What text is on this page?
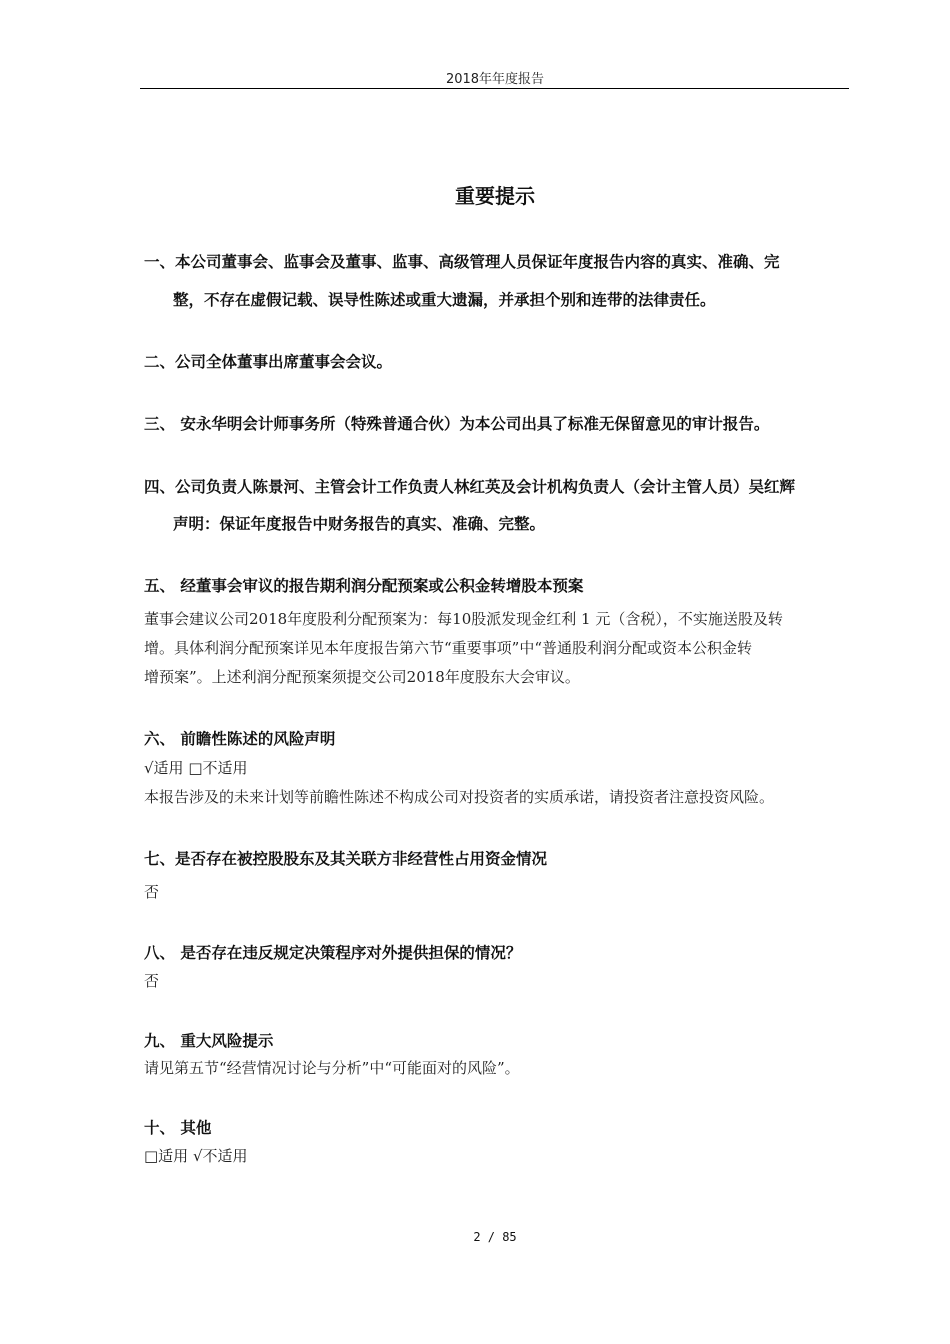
2018年年度报告
重要提示
一、本公司董事会、监事会及董事、监事、高级管理人员保证年度报告内容的真实、准确、完
整，不存在虚假记载、误导性陈述或重大遗漏，并承担个别和连带的法律责任。
二、公司全体董事出席董事会会议。
三、 安永华明会计师事务所（特殊普通合伙）为本公司出具了标准无保留意见的审计报告。
四、公司负责人陈景河、主管会计工作负责人林红英及会计机构负责人（会计主管人员）吴红辉
声明：保证年度报告中财务报告的真实、准确、完整。
五、 经董事会审议的报告期利润分配预案或公积金转增股本预案
董事会建议公司2018年度股利分配预案为：每10股派发现金红利 1 元（含税），不实施送股及转
增。具体利润分配预案详见本年度报告第六节“重要事项”中“普通股利润分配或资本公积金转
增预案”。上述利润分配预案须提交公司2018年度股东大会审议。
六、 前瞻性陈述的风险声明
√适用 □不适用
本报告涉及的未来计划等前瞻性陈述不构成公司对投资者的实质承诺，请投资者注意投资风险。
七、是否存在被控股股东及其关联方非经营性占用资金情况
否
八、 是否存在违反规定决策程序对外提供担保的情况？
否
九、 重大风险提示
请见第五节“经营情况讨论与分析”中“可能面对的风险”。
十、 其他
□适用 √不适用
2 / 85
